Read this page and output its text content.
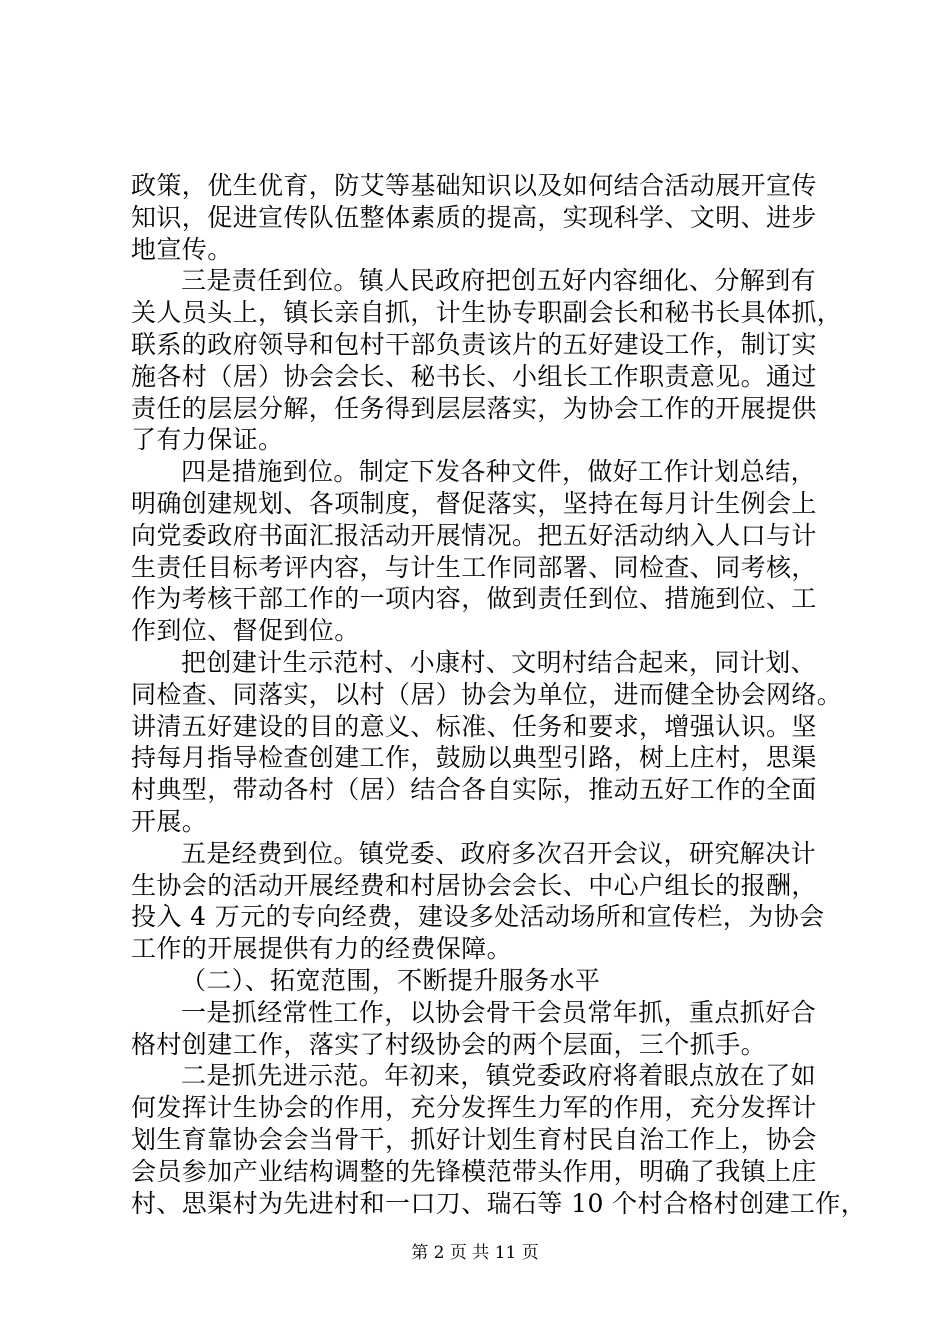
政策，优生优育，防艾等基础知识以及如何结合活动展开宣传
知识，促进宣传队伍整体素质的提高，实现科学、文明、进步
地宣传。
三是责任到位。镇人民政府把创五好内容细化、分解到有
关人员头上，镇长亲自抓，计生协专职副会长和秘书长具体抓，
联系的政府领导和包村干部负责该片的五好建设工作，制订实
施各村（居）协会会长、秘书长、小组长工作职责意见。通过
责任的层层分解，任务得到层层落实，为协会工作的开展提供
了有力保证。
四是措施到位。制定下发各种文件，做好工作计划总结，
明确创建规划、各项制度，督促落实，坚持在每月计生例会上
向党委政府书面汇报活动开展情况。把五好活动纳入人口与计
生责任目标考评内容，与计生工作同部署、同检查、同考核，
作为考核干部工作的一项内容，做到责任到位、措施到位、工
作到位、督促到位。
把创建计生示范村、小康村、文明村结合起来，同计划、
同检查、同落实，以村（居）协会为单位，进而健全协会网络。
讲清五好建设的目的意义、标准、任务和要求，增强认识。坚
持每月指导检查创建工作，鼓励以典型引路，树上庄村，思渠
村典型，带动各村（居）结合各自实际，推动五好工作的全面
开展。
五是经费到位。镇党委、政府多次召开会议，研究解决计
生协会的活动开展经费和村居协会会长、中心户组长的报酬，
投入 4 万元的专向经费，建设多处活动场所和宣传栏，为协会
工作的开展提供有力的经费保障。
（二）、拓宽范围，不断提升服务水平
一是抓经常性工作，以协会骨干会员常年抓，重点抓好合
格村创建工作，落实了村级协会的两个层面，三个抓手。
二是抓先进示范。年初来，镇党委政府将着眼点放在了如
何发挥计生协会的作用，充分发挥生力军的作用，充分发挥计
划生育靠协会会当骨干，抓好计划生育村民自治工作上，协会
会员参加产业结构调整的先锋模范带头作用，明确了我镇上庄
村、思渠村为先进村和一口刀、瑞石等 10 个村合格村创建工作，
第 2 页 共 11 页
